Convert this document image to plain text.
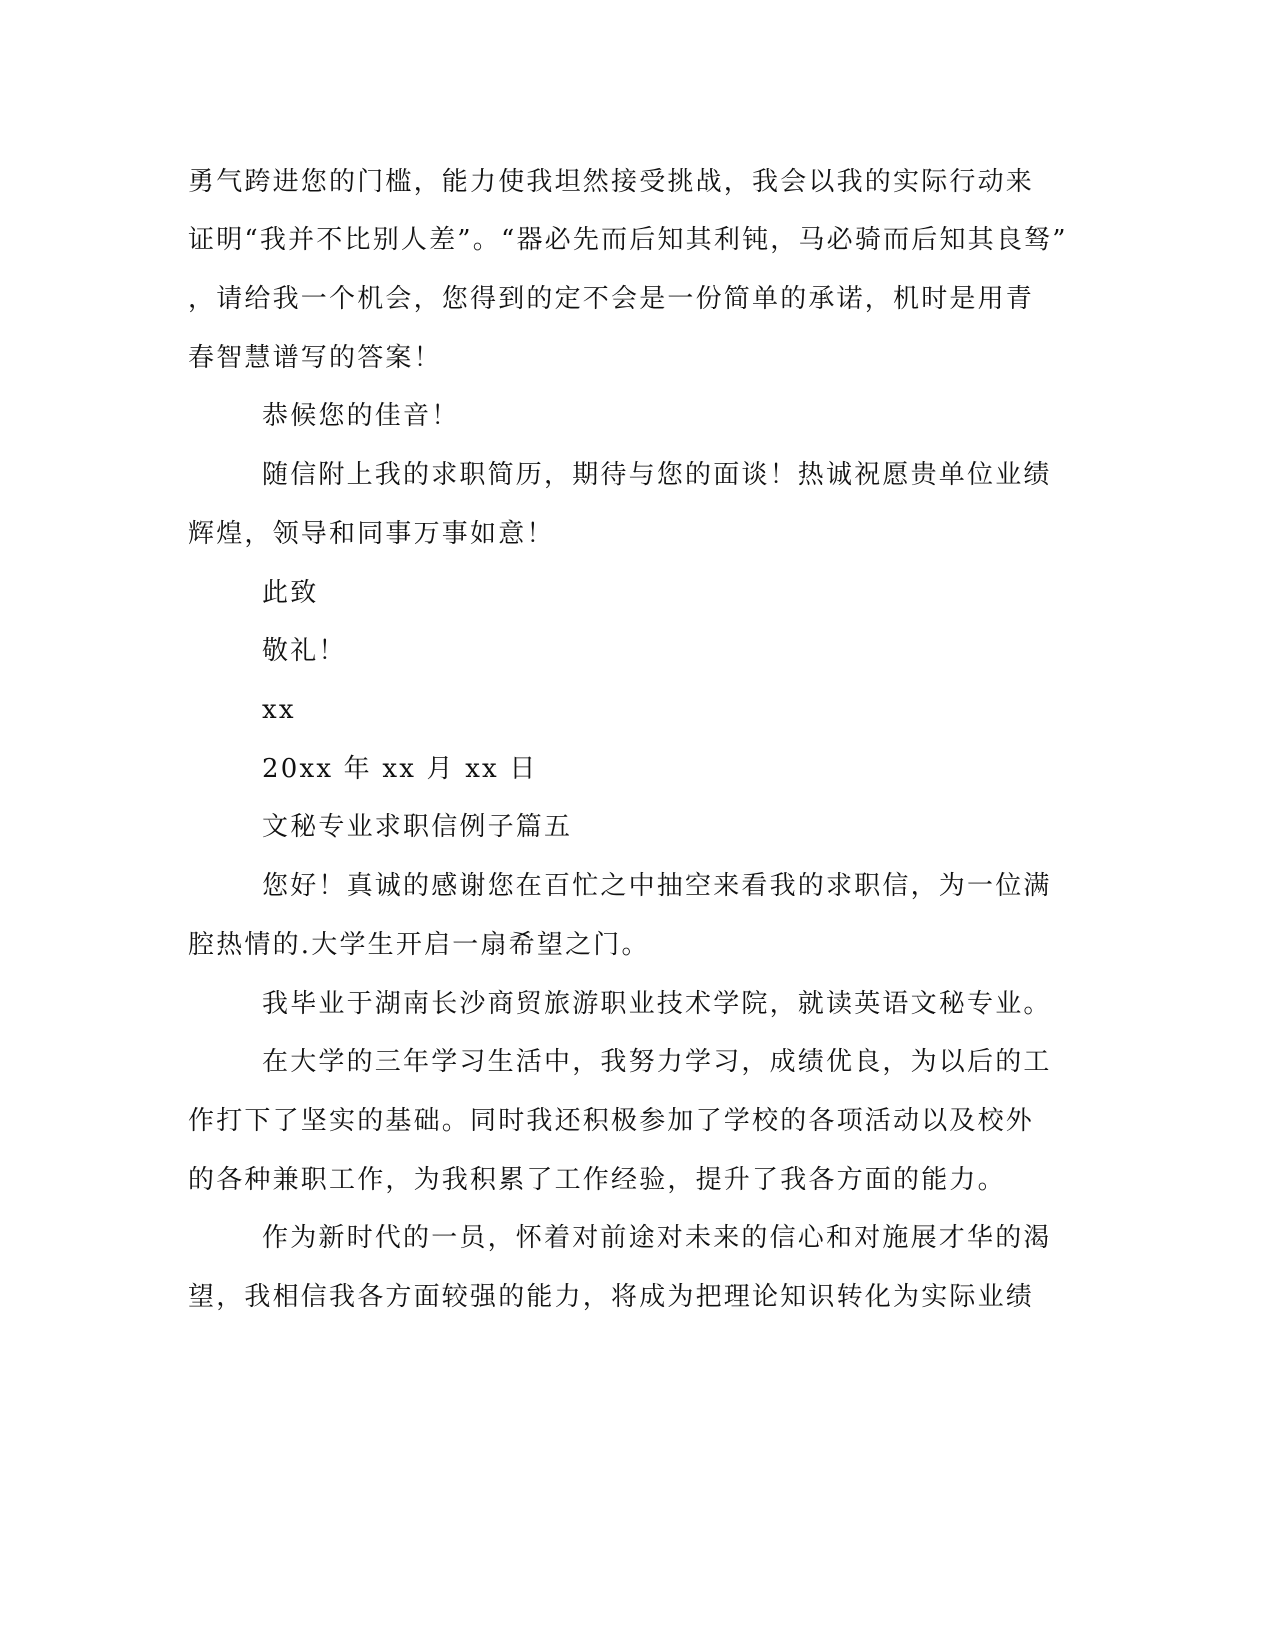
勇气跨进您的门槛，能力使我坦然接受挑战，我会以我的实际行动来
证明“我并不比别人差”。“器必先而后知其利钝，马必骑而后知其良驽”
，请给我一个机会，您得到的定不会是一份简单的承诺，机时是用青
春智慧谱写的答案！
恭候您的佳音！
随信附上我的求职简历，期待与您的面谈！热诚祝愿贵单位业绩
辉煌，领导和同事万事如意！
此致
敬礼！
xx
20xx 年 xx 月 xx 日
文秘专业求职信例子篇五
您好！真诚的感谢您在百忙之中抽空来看我的求职信，为一位满
腔热情的.大学生开启一扇希望之门。
我毕业于湖南长沙商贸旅游职业技术学院，就读英语文秘专业。
在大学的三年学习生活中，我努力学习，成绩优良，为以后的工
作打下了坚实的基础。同时我还积极参加了学校的各项活动以及校外
的各种兼职工作，为我积累了工作经验，提升了我各方面的能力。
作为新时代的一员，怀着对前途对未来的信心和对施展才华的渴
望，我相信我各方面较强的能力，将成为把理论知识转化为实际业绩
